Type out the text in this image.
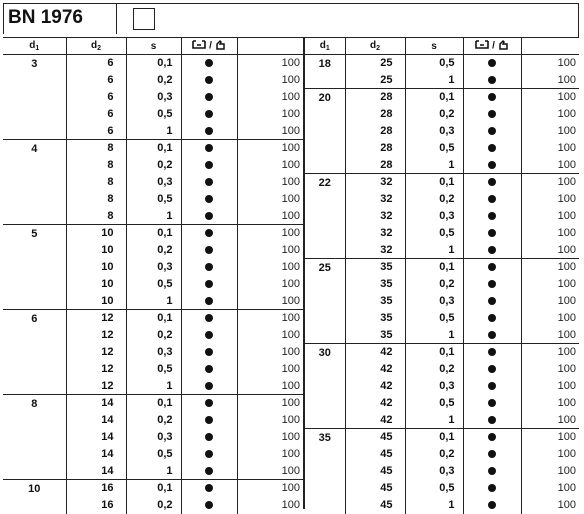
BN 1976
$d_1$	$d_2$	s	/	
3	6	0,1		100
	6	0,2		100
	6	0,3		100
	6	0,5		100
	6	1		100
4	8	0,1		100
	8	0,2		100
	8	0,3		100
	8	0,5		100
	8	1		100
5	10	0,1		100
	10	0,2		100
	10	0,3		100
	10	0,5		100
	10	1		100
6	12	0,1		100
	12	0,2		100
	12	0,3		100
	12	0,5		100
	12	1		100
8	14	0,1		100
	14	0,2		100
	14	0,3		100
	14	0,5		100
	14	1		100
10	16	0,1		100
	16	0,2		100
$d_1$	$d_2$	s	/	
18	25	0,5		100
	25	1		100
20	28	0,1		100
	28	0,2		100
	28	0,3		100
	28	0,5		100
	28	1		100
22	32	0,1		100
	32	0,2		100
	32	0,3		100
	32	0,5		100
	32	1		100
25	35	0,1		100
	35	0,2		100
	35	0,3		100
	35	0,5		100
	35	1		100
30	42	0,1		100
	42	0,2		100
	42	0,3		100
	42	0,5		100
	42	1		100
35	45	0,1		100
	45	0,2		100
	45	0,3		100
	45	0,5		100
	45	1		100
